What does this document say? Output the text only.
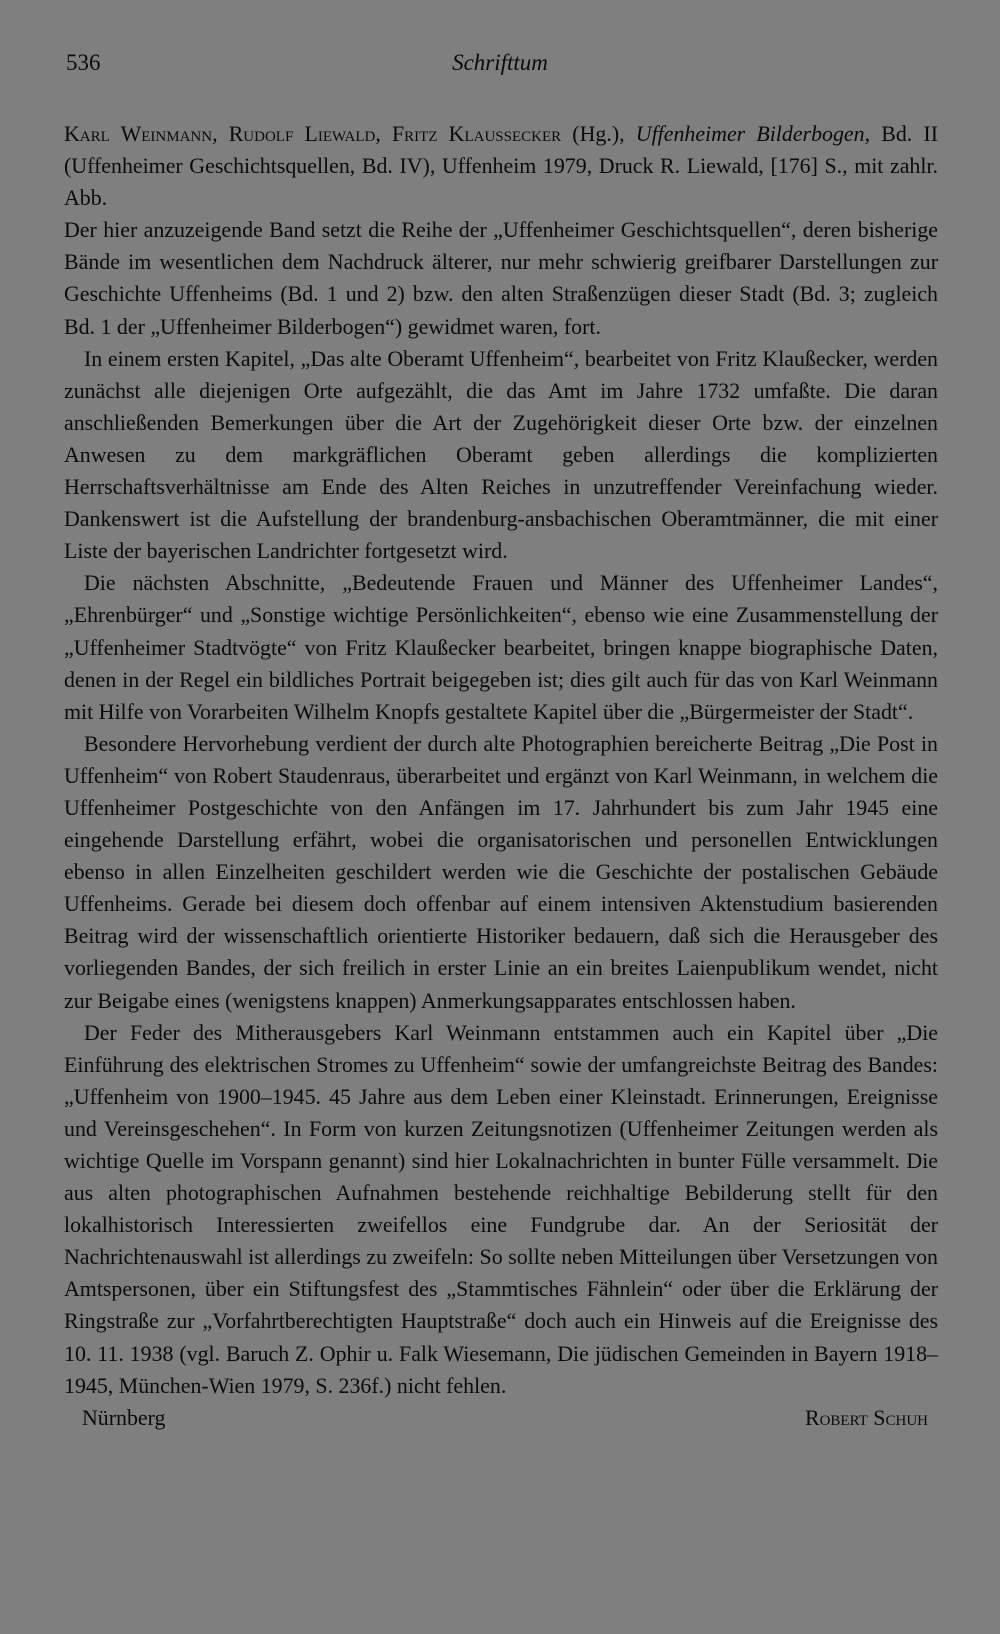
536	Schrifttum

Karl Weinmann, Rudolf Liewald, Fritz Klaussecker (Hg.), Uffenheimer Bilderbogen, Bd. II (Uffenheimer Geschichtsquellen, Bd. IV), Uffenheim 1979, Druck R. Liewald, [176] S., mit zahlr. Abb.

Der hier anzuzeigende Band setzt die Reihe der „Uffenheimer Geschichtsquellen“, deren bisherige Bände im wesentlichen dem Nachdruck älterer, nur mehr schwierig greifbarer Darstellungen zur Geschichte Uffenheims (Bd. 1 und 2) bzw. den alten Straßenzügen dieser Stadt (Bd. 3; zugleich Bd. 1 der „Uffenheimer Bilderbogen“) gewidmet waren, fort.

In einem ersten Kapitel, „Das alte Oberamt Uffenheim“, bearbeitet von Fritz Klaußecker, werden zunächst alle diejenigen Orte aufgezählt, die das Amt im Jahre 1732 umfaßte. Die daran anschließenden Bemerkungen über die Art der Zugehörigkeit dieser Orte bzw. der einzelnen Anwesen zu dem markgräflichen Oberamt geben allerdings die komplizierten Herrschaftsverhältnisse am Ende des Alten Reiches in unzutreffender Vereinfachung wieder. Dankenswert ist die Aufstellung der brandenburg-ansbachischen Oberamtmänner, die mit einer Liste der bayerischen Landrichter fortgesetzt wird.

Die nächsten Abschnitte, „Bedeutende Frauen und Männer des Uffenheimer Landes“, „Ehrenbürger“ und „Sonstige wichtige Persönlichkeiten“, ebenso wie eine Zusammenstellung der „Uffenheimer Stadtvögte“ von Fritz Klaußecker bearbeitet, bringen knappe biographische Daten, denen in der Regel ein bildliches Portrait beigegeben ist; dies gilt auch für das von Karl Weinmann mit Hilfe von Vorarbeiten Wilhelm Knopfs gestaltete Kapitel über die „Bürgermeister der Stadt“.

Besondere Hervorhebung verdient der durch alte Photographien bereicherte Beitrag „Die Post in Uffenheim“ von Robert Staudenraus, überarbeitet und ergänzt von Karl Weinmann, in welchem die Uffenheimer Postgeschichte von den Anfängen im 17. Jahrhundert bis zum Jahr 1945 eine eingehende Darstellung erfährt, wobei die organisatorischen und personellen Entwicklungen ebenso in allen Einzelheiten geschildert werden wie die Geschichte der postalischen Gebäude Uffenheims. Gerade bei diesem doch offenbar auf einem intensiven Aktenstudium basierenden Beitrag wird der wissenschaftlich orientierte Historiker bedauern, daß sich die Herausgeber des vorliegenden Bandes, der sich freilich in erster Linie an ein breites Laienpublikum wendet, nicht zur Beigabe eines (wenigstens knappen) Anmerkungsapparates entschlossen haben.

Der Feder des Mitherausgebers Karl Weinmann entstammen auch ein Kapitel über „Die Einführung des elektrischen Stromes zu Uffenheim“ sowie der umfangreichste Beitrag des Bandes: „Uffenheim von 1900–1945. 45 Jahre aus dem Leben einer Kleinstadt. Erinnerungen, Ereignisse und Vereinsgeschehen“. In Form von kurzen Zeitungsnotizen (Uffenheimer Zeitungen werden als wichtige Quelle im Vorspann genannt) sind hier Lokalnachrichten in bunter Fülle versammelt. Die aus alten photographischen Aufnahmen bestehende reichhaltige Bebilderung stellt für den lokalhistorisch Interessierten zweifellos eine Fundgrube dar. An der Seriosität der Nachrichtenauswahl ist allerdings zu zweifeln: So sollte neben Mitteilungen über Versetzungen von Amtspersonen, über ein Stiftungsfest des „Stammtisches Fähnlein“ oder über die Erklärung der Ringstraße zur „Vorfahrtberechtigten Hauptstraße“ doch auch ein Hinweis auf die Ereignisse des 10. 11. 1938 (vgl. Baruch Z. Ophir u. Falk Wiesemann, Die jüdischen Gemeinden in Bayern 1918–1945, München-Wien 1979, S. 236f.) nicht fehlen.

Nürnberg	Robert Schuh
